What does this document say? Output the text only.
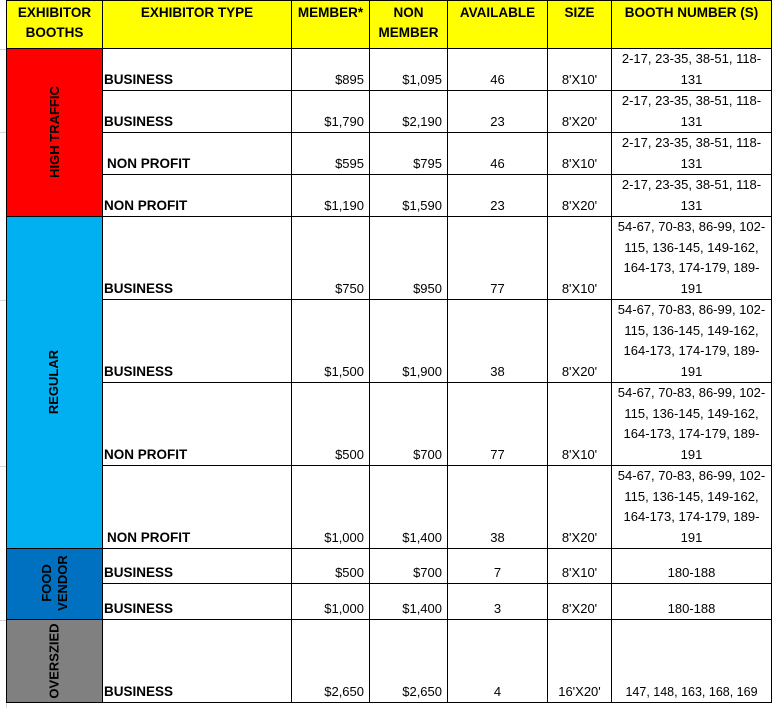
EXHIBITOR BOOTHS	EXHIBITOR TYPE	MEMBER*	NON MEMBER	AVAILABLE	SIZE	BOOTH NUMBER (S)
HIGH TRAFFIC	BUSINESS	$895	$1,095	46	8'X10'	2-17, 23-35, 38-51, 118-131
	BUSINESS	$1,790	$2,190	23	8'X20'	2-17, 23-35, 38-51, 118-131
	NON PROFIT	$595	$795	46	8'X10'	2-17, 23-35, 38-51, 118-131
	NON PROFIT	$1,190	$1,590	23	8'X20'	2-17, 23-35, 38-51, 118-131
REGULAR	BUSINESS	$750	$950	77	8'X10'	54-67, 70-83, 86-99, 102-115, 136-145, 149-162, 164-173, 174-179, 189-191
	BUSINESS	$1,500	$1,900	38	8'X20'	54-67, 70-83, 86-99, 102-115, 136-145, 149-162, 164-173, 174-179, 189-191
	NON PROFIT	$500	$700	77	8'X10'	54-67, 70-83, 86-99, 102-115, 136-145, 149-162, 164-173, 174-179, 189-191
	NON PROFIT	$1,000	$1,400	38	8'X20'	54-67, 70-83, 86-99, 102-115, 136-145, 149-162, 164-173, 174-179, 189-191
FOOD VENDOR	BUSINESS	$500	$700	7	8'X10'	180-188
	BUSINESS	$1,000	$1,400	3	8'X20'	180-188
OVERSZIED	BUSINESS	$2,650	$2,650	4	16'X20'	147, 148, 163, 168, 169
